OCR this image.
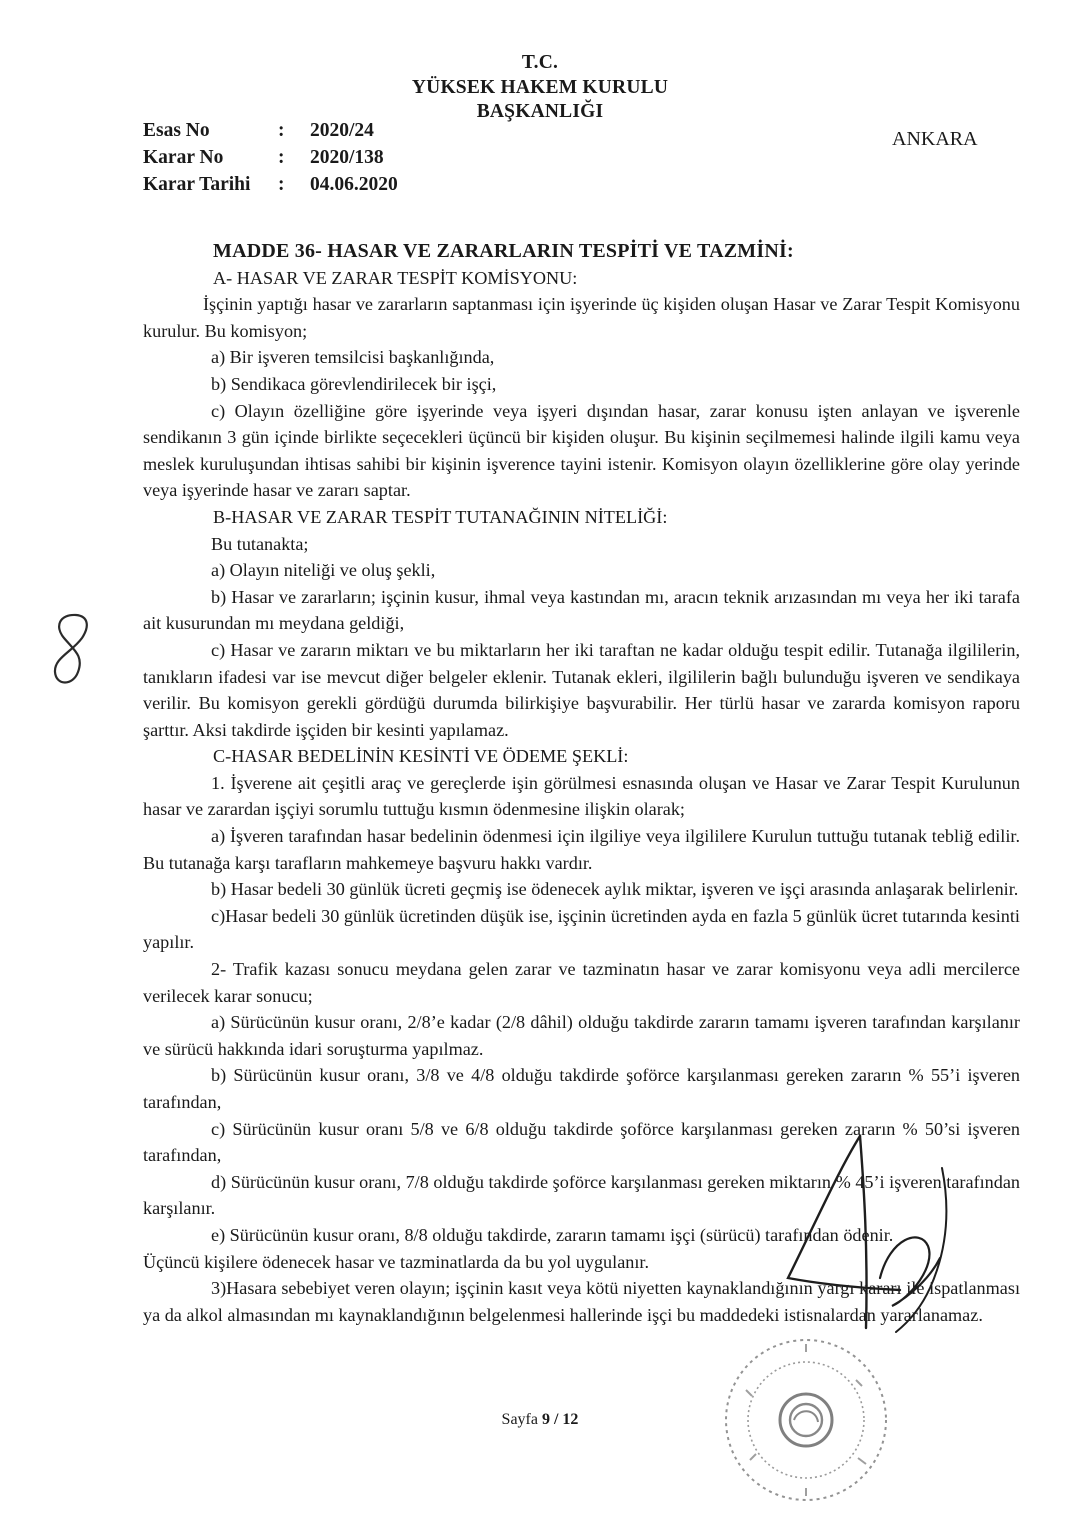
T.C.
YÜKSEK HAKEM KURULU
BAŞKANLIĞI
Esas No	: 2020/24
Karar No	: 2020/138
Karar Tarihi : 04.06.2020
ANKARA

MADDE 36- HASAR VE ZARARLARIN TESPİTİ VE TAZMİNİ:

A- HASAR VE ZARAR TESPİT KOMİSYONU:

İşçinin yaptığı hasar ve zararların saptanması için işyerinde üç kişiden oluşan Hasar ve Zarar Tespit Komisyonu kurulur. Bu komisyon;

a) Bir işveren temsilcisi başkanlığında,

b) Sendikaca görevlendirilecek bir işçi,

c) Olayın özelliğine göre işyerinde veya işyeri dışından hasar, zarar konusu işten anlayan ve işverenle sendikanın 3 gün içinde birlikte seçecekleri üçüncü bir kişiden oluşur. Bu kişinin seçilmemesi halinde ilgili kamu veya meslek kuruluşundan ihtisas sahibi bir kişinin işverence tayini istenir. Komisyon olayın özelliklerine göre olay yerinde veya işyerinde hasar ve zararı saptar.

B-HASAR VE ZARAR TESPİT TUTANAĞININ NİTELİĞİ:

Bu tutanakta;

a) Olayın niteliği ve oluş şekli,

b) Hasar ve zararların; işçinin kusur, ihmal veya kastından mı, aracın teknik arızasından mı veya her iki tarafa ait kusurundan mı meydana geldiği,

c) Hasar ve zararın miktarı ve bu miktarların her iki taraftan ne kadar olduğu tespit edilir. Tutanağa ilgililerin, tanıkların ifadesi var ise mevcut diğer belgeler eklenir. Tutanak ekleri, ilgililerin bağlı bulunduğu işveren ve sendikaya verilir. Bu komisyon gerekli gördüğü durumda bilirkişiye başvurabilir. Her türlü hasar ve zararda komisyon raporu şarttır. Aksi takdirde işçiden bir kesinti yapılamaz.

C-HASAR BEDELİNİN KESİNTİ VE ÖDEME ŞEKLİ:

1. İşverene ait çeşitli araç ve gereçlerde işin görülmesi esnasında oluşan ve Hasar ve Zarar Tespit Kurulunun hasar ve zarardan işçiyi sorumlu tuttuğu kısmın ödenmesine ilişkin olarak;

a) İşveren tarafından hasar bedelinin ödenmesi için ilgiliye veya ilgililere Kurulun tuttuğu tutanak tebliğ edilir. Bu tutanağa karşı tarafların mahkemeye başvuru hakkı vardır.

b) Hasar bedeli 30 günlük ücreti geçmiş ise ödenecek aylık miktar, işveren ve işçi arasında anlaşarak belirlenir.

c)Hasar bedeli 30 günlük ücretinden düşük ise, işçinin ücretinden ayda en fazla 5 günlük ücret tutarında kesinti yapılır.

2- Trafik kazası sonucu meydana gelen zarar ve tazminatın hasar ve zarar komisyonu veya adli mercilerce verilecek karar sonucu;

a) Sürücünün kusur oranı, 2/8’e kadar (2/8 dâhil) olduğu takdirde zararın tamamı işveren tarafından karşılanır ve sürücü hakkında idari soruşturma yapılmaz.

b) Sürücünün kusur oranı, 3/8 ve 4/8 olduğu takdirde şoförce karşılanması gereken zararın % 55’i işveren tarafından,

c) Sürücünün kusur oranı 5/8 ve 6/8 olduğu takdirde şoförce karşılanması gereken zararın % 50’si işveren tarafından,

d) Sürücünün kusur oranı, 7/8 olduğu takdirde şoförce karşılanması gereken miktarın % 45’i işveren tarafından karşılanır.

e) Sürücünün kusur oranı, 8/8 olduğu takdirde, zararın tamamı işçi (sürücü) tarafından ödenir.

Üçüncü kişilere ödenecek hasar ve tazminatlarda da bu yol uygulanır.

3)Hasara sebebiyet veren olayın; işçinin kasıt veya kötü niyetten kaynaklandığının yargı kararı ile ispatlanması ya da alkol almasından mı kaynaklandığının belgelenmesi hallerinde işçi bu maddedeki istisnalardan yararlanamaz.

Sayfa 9 / 12
